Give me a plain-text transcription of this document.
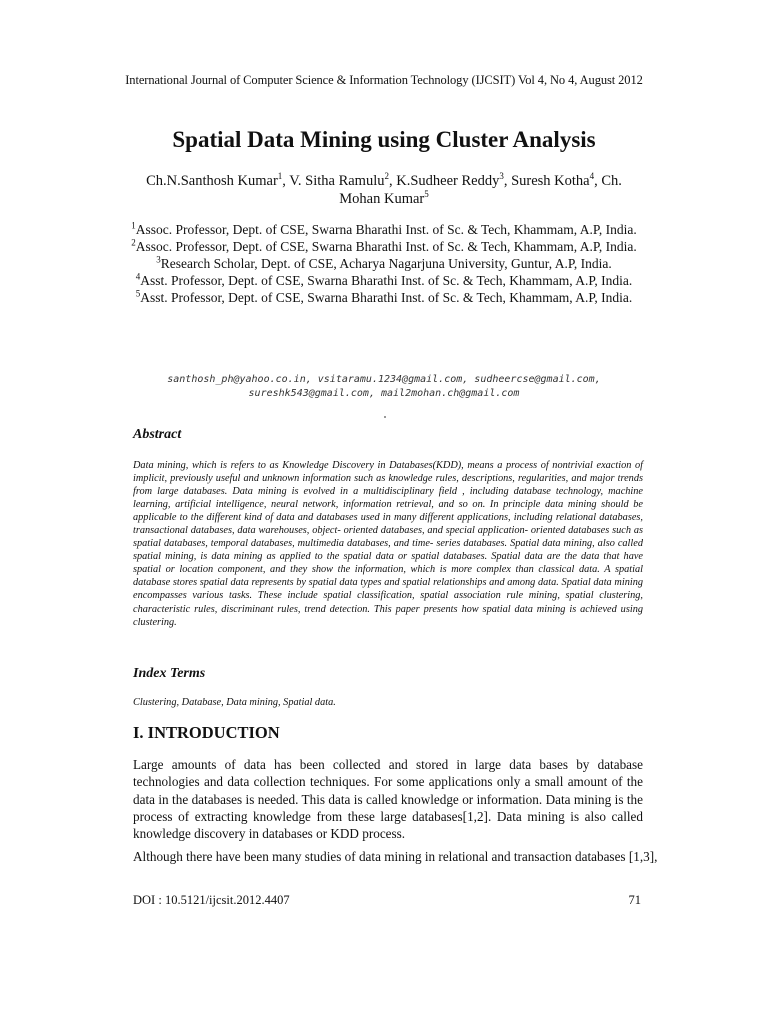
International Journal of Computer Science & Information Technology (IJCSIT) Vol 4, No 4, August 2012
Spatial Data Mining using Cluster Analysis
Ch.N.Santhosh Kumar$^1$, V. Sitha Ramulu$^2$, K.Sudheer Reddy$^3$, Suresh Kotha$^4$, Ch. Mohan Kumar$^5$
$^1$Assoc. Professor, Dept. of CSE, Swarna Bharathi Inst. of Sc. & Tech, Khammam, A.P, India.
$^2$Assoc. Professor, Dept. of CSE, Swarna Bharathi Inst. of Sc. & Tech, Khammam, A.P, India.
$^3$Research Scholar, Dept. of CSE, Acharya Nagarjuna University, Guntur, A.P, India.
$^4$Asst. Professor, Dept. of CSE, Swarna Bharathi Inst. of Sc. & Tech, Khammam, A.P, India.
$^5$Asst. Professor, Dept. of CSE, Swarna Bharathi Inst. of Sc. & Tech, Khammam, A.P, India.
santhosh_ph@yahoo.co.in, vsitaramu.1234@gmail.com, sudheercse@gmail.com, sureshk543@gmail.com, mail2mohan.ch@gmail.com
Abstract
Data mining, which is refers to as Knowledge Discovery in Databases(KDD), means a process of nontrivial exaction of implicit, previously useful and unknown information such as knowledge rules, descriptions, regularities, and major trends from large databases. Data mining is evolved in a multidisciplinary field , including database technology, machine learning, artificial intelligence, neural network, information retrieval, and so on. In principle data mining should be applicable to the different kind of data and databases used in many different applications, including relational databases, transactional databases, data warehouses, object- oriented databases, and special application- oriented databases such as spatial databases, temporal databases, multimedia databases, and time- series databases. Spatial data mining, also called spatial mining, is data mining as applied to the spatial data or spatial databases. Spatial data are the data that have spatial or location component, and they show the information, which is more complex than classical data. A spatial database stores spatial data represents by spatial data types and spatial relationships and among data. Spatial data mining encompasses various tasks. These include spatial classification, spatial association rule mining, spatial clustering, characteristic rules, discriminant rules, trend detection. This paper presents how spatial data mining is achieved using clustering.
Index Terms
Clustering, Database, Data mining, Spatial data.
I. INTRODUCTION
Large amounts of data has been collected and stored in large data bases by database technologies and data collection techniques. For some applications only a small amount of the data in the databases is needed. This data is called knowledge or information. Data mining is the process of extracting knowledge from these large databases[1,2]. Data mining is also called knowledge discovery in databases or KDD process.
Although there have been many studies of data mining in relational and transaction databases [1,3],
DOI : 10.5121/ijcsit.2012.4407	71
